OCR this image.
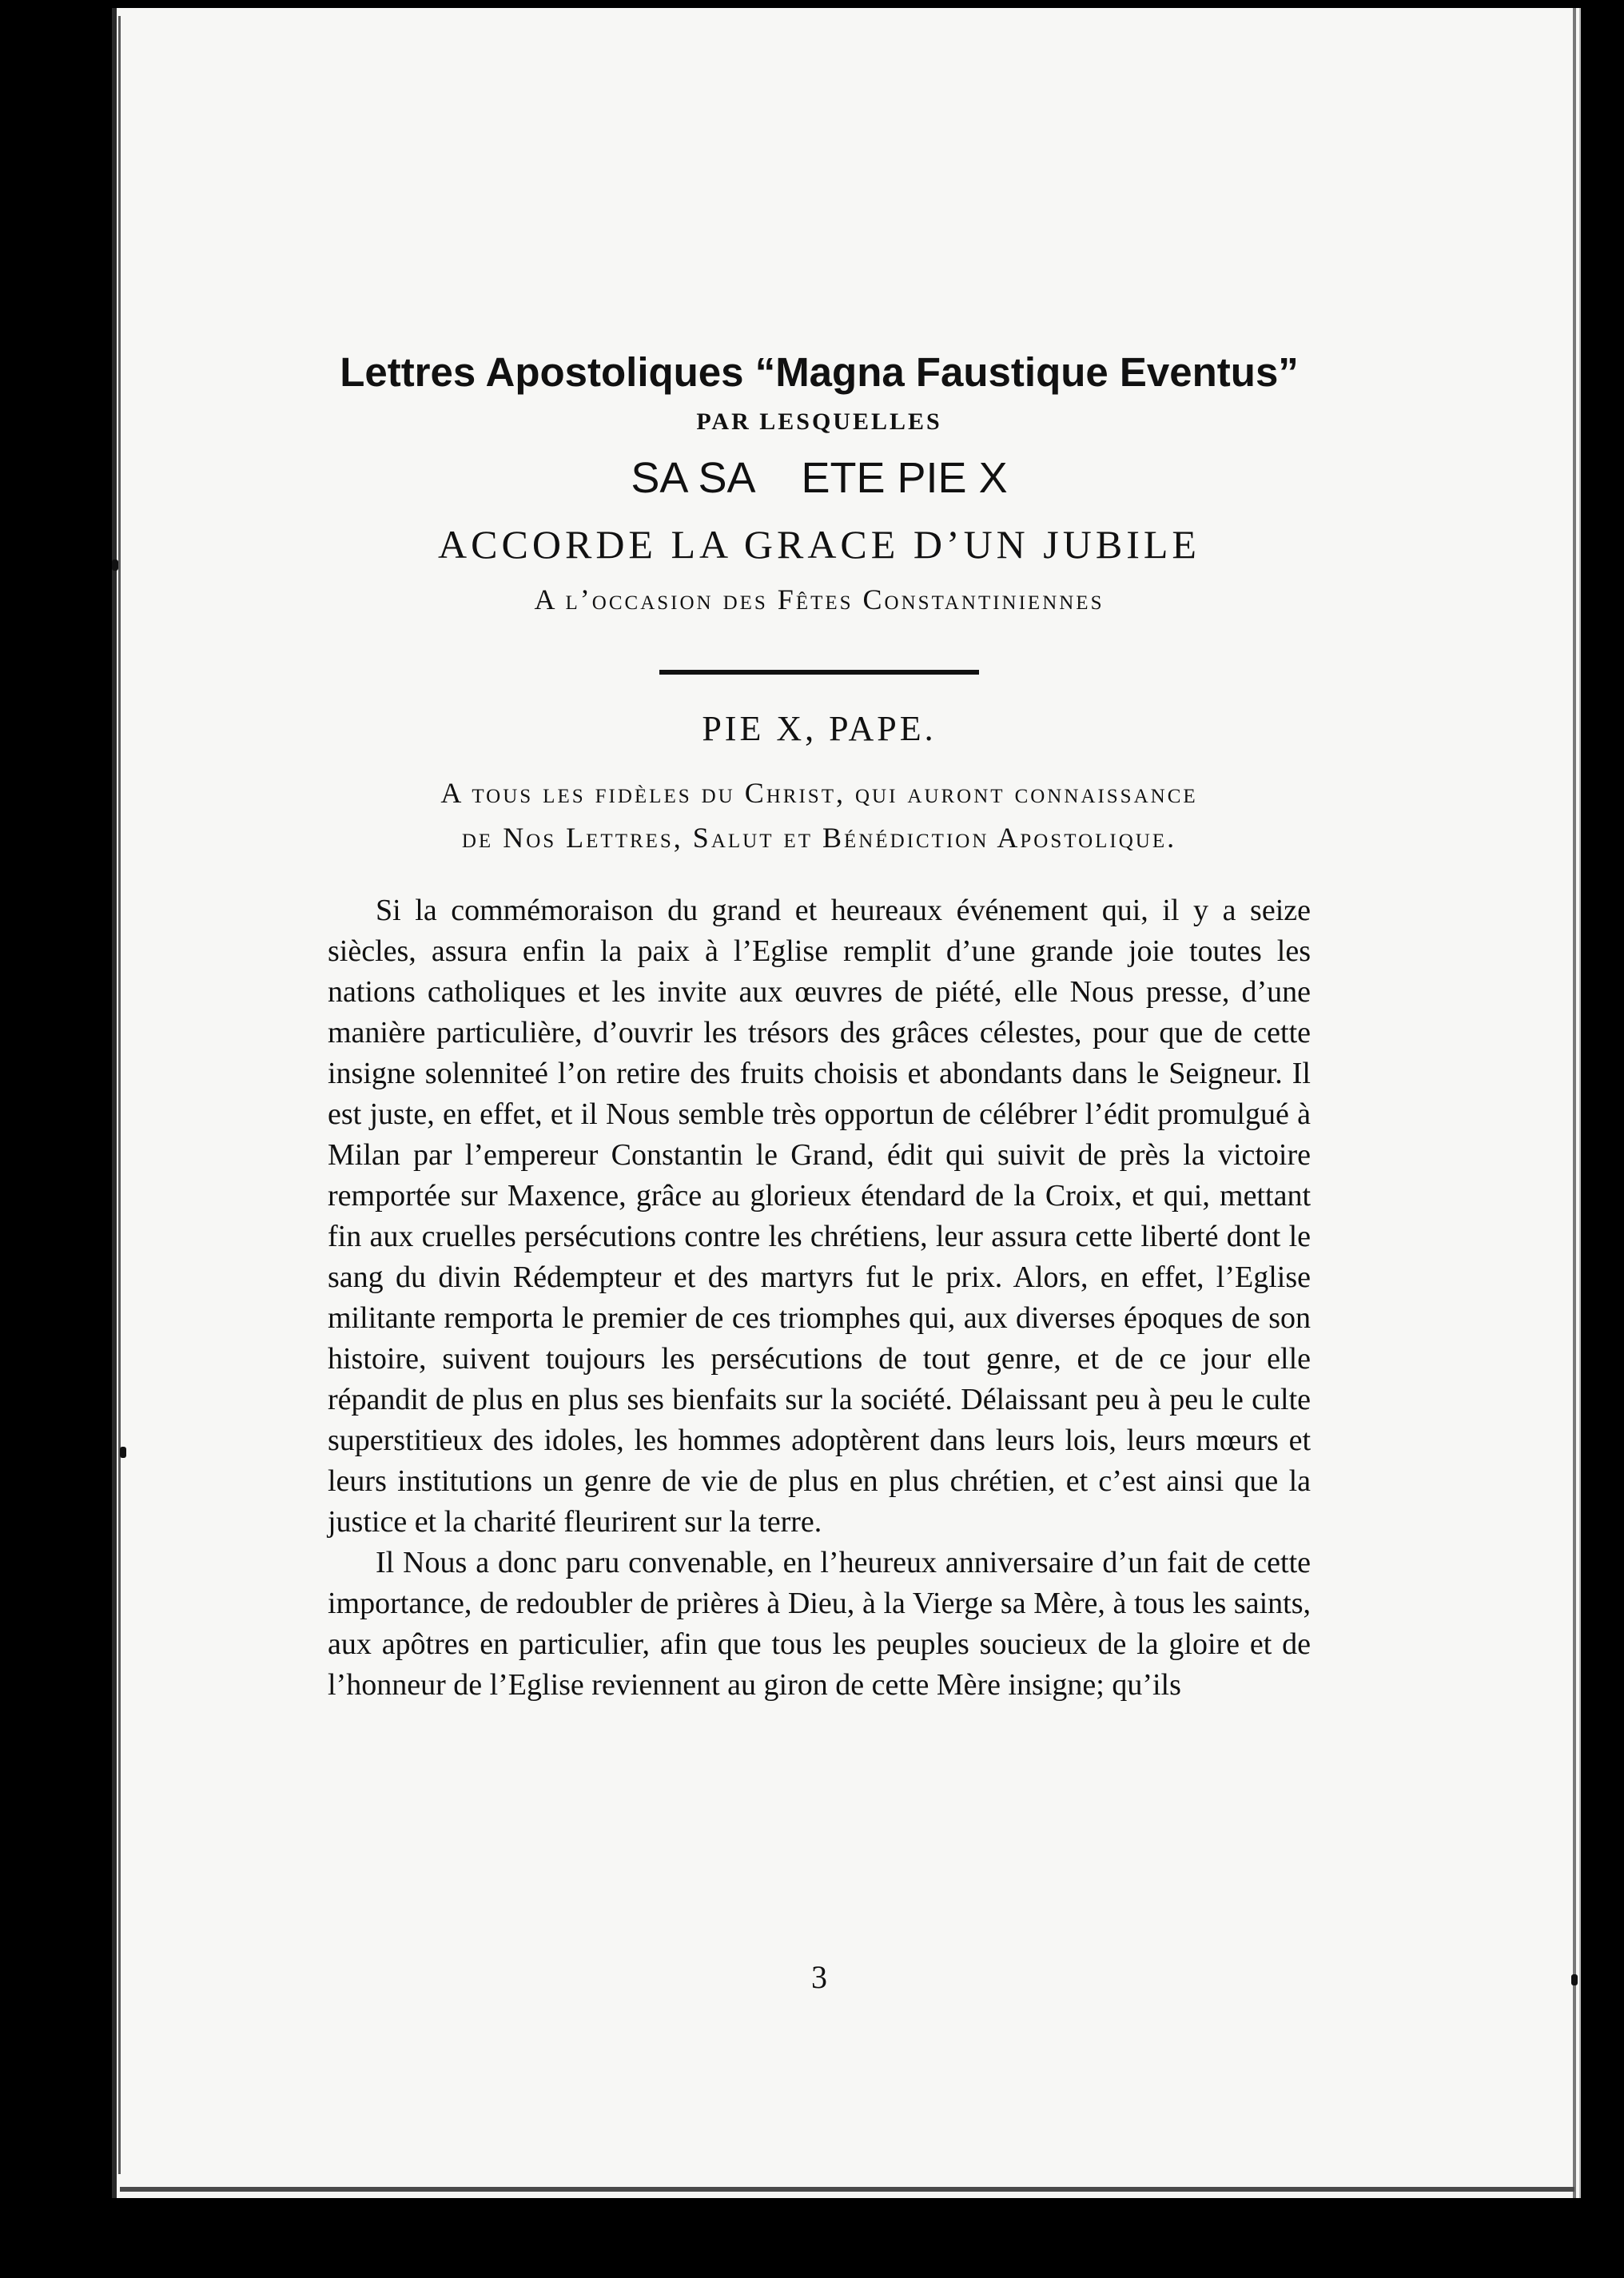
Lettres Apostoliques “Magna Faustique Eventus”
PAR LESQUELLES
SA SA    ETE PIE X
ACCORDE LA GRACE D’UN JUBILE
A l’occasion des Fêtes Constantiniennes
PIE X, PAPE.
A tous les fidèles du Christ, qui auront connaissance
de Nos Lettres, Salut et Bénédiction Apostolique.

Si la commémoraison du grand et heureaux événement qui, il y a seize siècles, assura enfin la paix à l’Eglise remplit d’une grande joie toutes les nations catholiques et les invite aux œuvres de piété, elle Nous presse, d’une manière particulière, d’ouvrir les trésors des grâces célestes, pour que de cette insigne solenniteé l’on retire des fruits choisis et abondants dans le Seigneur. Il est juste, en effet, et il Nous semble très opportun de célébrer l’édit promulgué à Milan par l’empereur Constantin le Grand, édit qui suivit de près la victoire remportée sur Maxence, grâce au glorieux étendard de la Croix, et qui, mettant fin aux cruelles persécutions contre les chrétiens, leur assura cette liberté dont le sang du divin Rédempteur et des martyrs fut le prix. Alors, en effet, l’Eglise militante remporta le premier de ces triomphes qui, aux diverses époques de son histoire, suivent toujours les persécutions de tout genre, et de ce jour elle répandit de plus en plus ses bienfaits sur la société. Délaissant peu à peu le culte superstitieux des idoles, les hommes adoptèrent dans leurs lois, leurs mœurs et leurs institutions un genre de vie de plus en plus chrétien, et c’est ainsi que la justice et la charité fleurirent sur la terre.

Il Nous a donc paru convenable, en l’heureux anniversaire d’un fait de cette importance, de redoubler de prières à Dieu, à la Vierge sa Mère, à tous les saints, aux apôtres en particulier, afin que tous les peuples soucieux de la gloire et de l’honneur de l’Eglise reviennent au giron de cette Mère insigne; qu’ils

3
